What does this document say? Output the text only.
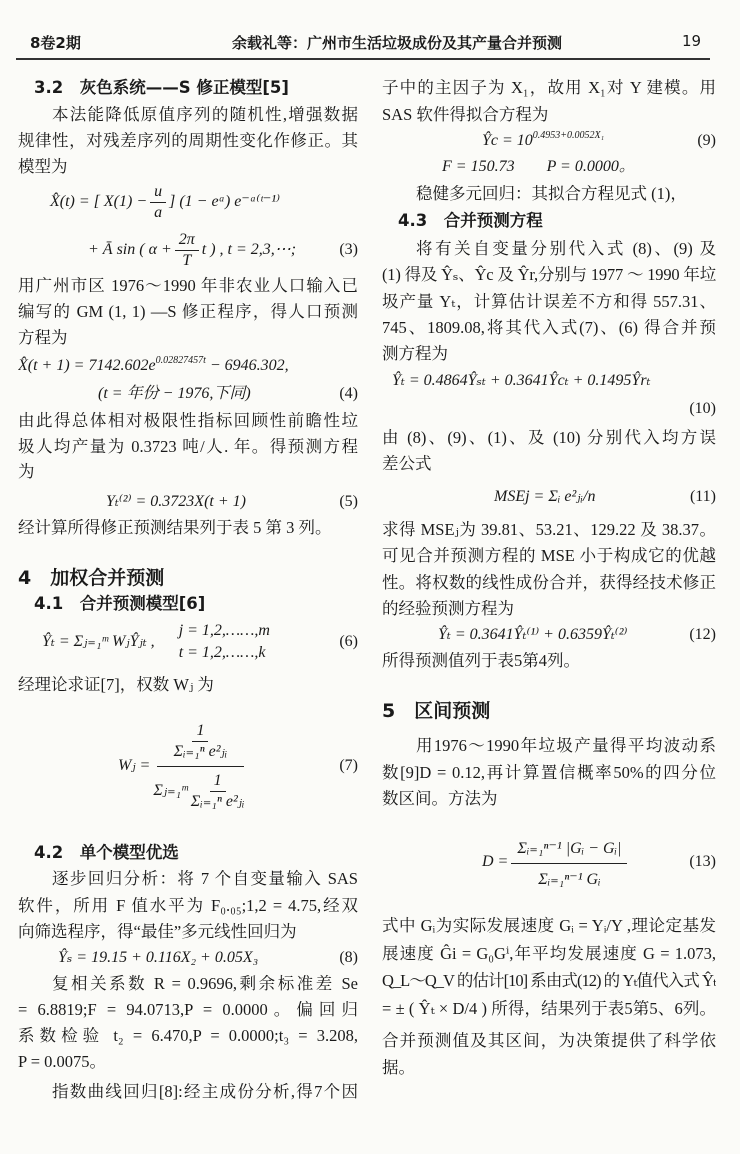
8卷2期	余载礼等：广州市生活垃圾成份及其产量合并预测	19
3.2　灰色系统——S 修正模型[5]
本法能降低原值序列的随机性,增强数据
规律性，对残差序列的周期性变化作修正。其
模型为
X̂(t) = [ $X(1) - \frac{u}{a}$ ] (1 − eᵃ) e⁻ᵃ⁽ᵗ⁻¹⁾
+ Ā sin ( $\alpha + \frac{2\pi}{T}$ t ) , t = 2,3,⋯;	(3)
用广州市区 1976～1990 年非农业人口输入已
编写的 GM (1, 1) —S 修正程序，得人口预测
方程为
X̂(t + $1) = 7142.602e^{0.02827457t} - 6946.302$,
(t = 年份 − 1976,下同)	(4)
由此得总体相对极限性指标回顾性前瞻性垃
圾人均产量为 0.3723 吨/人. 年。得预测方程
为
Yₜ⁽²⁾ = 0.3723X(t + 1)	(5)
经计算所得修正预测结果列于表 5 第 3 列。
4　加权合并预测
4.1　合并预测模型[6]
Ŷₜ = Σⱼ₌₁ᵐ WⱼŶⱼₜ ,
j = 1,2,……,m
t = 1,2,……,k
(6)
经理论求证[7]，权数 Wⱼ 为
Wⱼ = $\frac{\frac{1}{\text{Σᵢ₌₁ⁿ e²ⱼᵢ}}}{\Sigma ⱼ_{=1}ᵐ \frac{1}{\text{Σᵢ₌₁ⁿ e²ⱼᵢ}}}$	(7)
4.2　单个模型优选
逐步回归分析：将 7 个自变量输入 SAS
软件，所用 F 值水平为 F₀.₀₅;1,2 = 4.75,经双
向筛选程序，得“最佳”多元线性回归为
Ŷₛ = 19.15 + 0.116X₂ + 0.05X₃	(8)
复相关系数 R = 0.9696,剩余标准差 Se
= 6.8819;F = 94.0713,P = 0.0000。偏回归
系数检验 t₂ = 6.470,P = 0.0000;t₃ = 3.208,
P = 0.0075。
指数曲线回归[8]:经主成份分析,得7个因
子中的主因子为 X₁，故用 X₁对 Y 建模。用
SAS 软件得拟合方程为
Ŷc = $10^{0.4953+0.0052X_1}$	(9)
F = 150.73　　P = 0.0000。
稳健多元回归：其拟合方程见式 (1)，
4.3　合并预测方程
将有关自变量分别代入式 (8)、(9) 及
(1) 得及 Ŷₛ、Ŷc 及 Ŷr,分别与 1977 ～ 1990 年垃
圾产量 Yₜ，计算估计误差不方和得 557.31、
745、1809.08,将其代入式(7)、(6) 得合并预
测方程为
Ŷₜ = 0.4864Ŷₛₜ + 0.3641Ŷcₜ + 0.1495Ŷrₜ
(10)
由 (8)、(9)、(1)、及 (10) 分别代入均方误
差公式
MSEj = Σᵢ e²ⱼᵢ/n	(11)
求得 MSEⱼ为 39.81、53.21、129.22 及 38.37。
可见合并预测方程的 MSE 小于构成它的优越
性。将权数的线性成份合并，获得经技术修正
的经验预测方程为
Ŷₜ = 0.3641Ŷₜ⁽¹⁾ + 0.6359Ŷₜ⁽²⁾	(12)
所得预测值列于表5第4列。
5　区间预测
用1976～1990年垃圾产量得平均波动系
数[9]D = 0.12,再计算置信概率50%的四分位
数区间。方法为
$D = \frac{\text{Σᵢ₌₁ⁿ⁻¹ |Gᵢ − Gᵢ|}}{\text{Σᵢ₌₁ⁿ⁻¹ Gᵢ}}$	(13)
式中 Gᵢ为实际发展速度 Gᵢ = Yᵢ/Y ,理论定基发
展速度 Ĝi = G₀Gⁱ,年平均发展速度 G = 1.073,
Q_L～Q_V 的估计[10] 系由式(12) 的 Yₜ值代入式 Ŷₜ
= ± ( Ŷₜ × D/4 ) 所得，结果列于表5第5、6列。
合并预测值及其区间，为决策提供了科学依
据。
